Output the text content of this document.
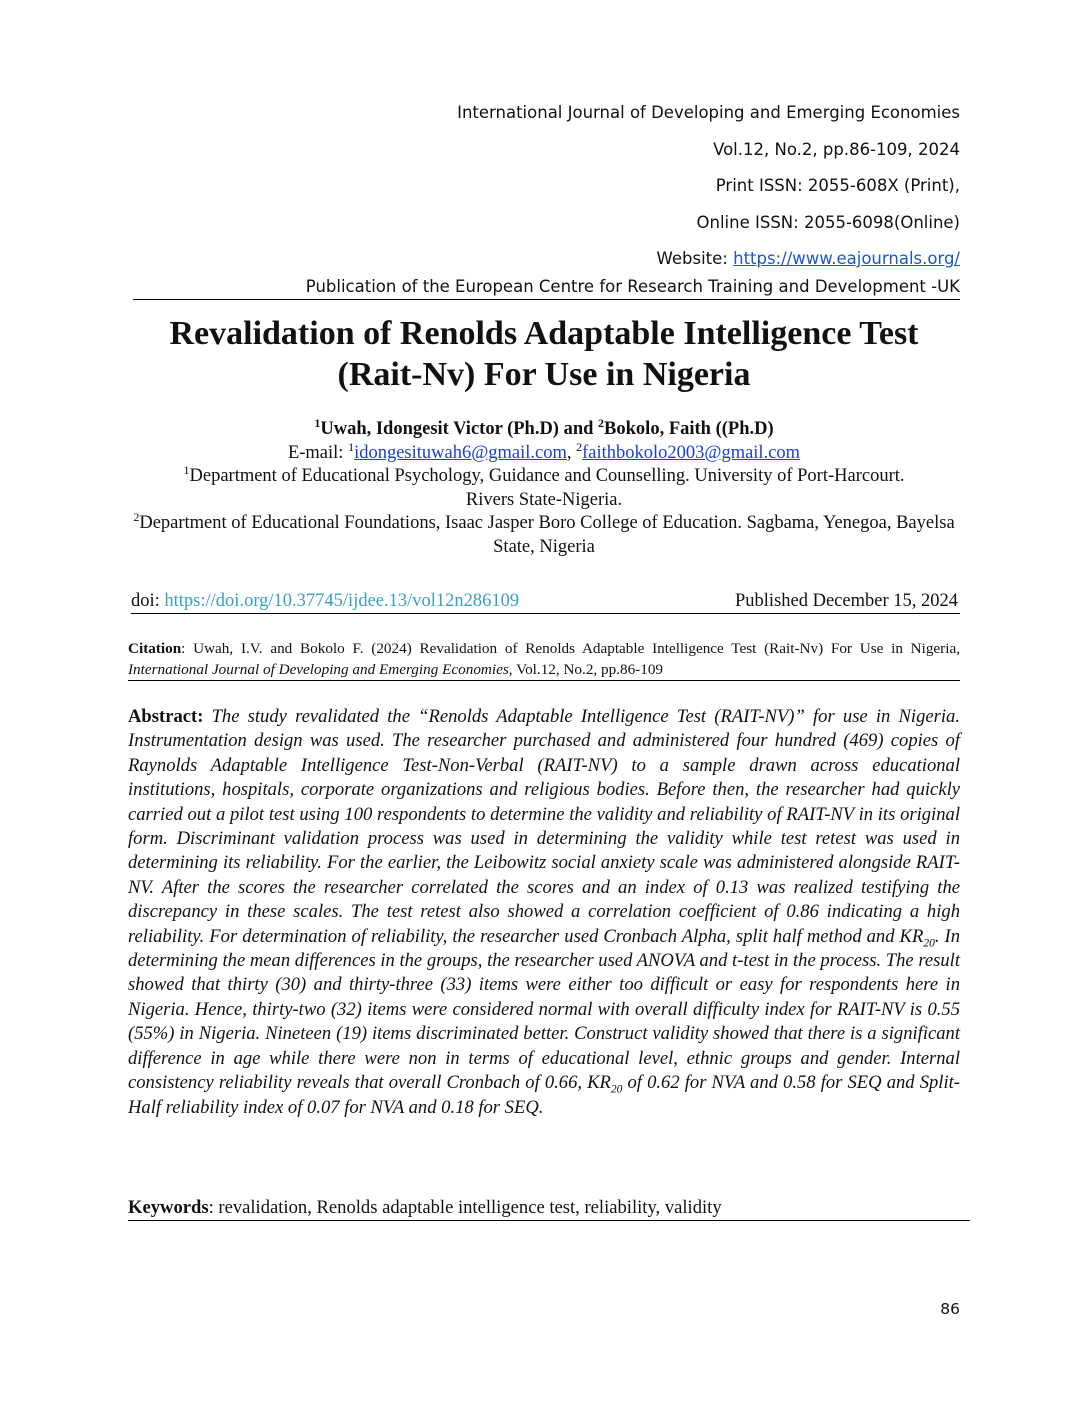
International Journal of Developing and Emerging Economies
Vol.12, No.2, pp.86-109, 2024
Print ISSN: 2055-608X (Print),
Online ISSN: 2055-6098(Online)
Website: https://www.eajournals.org/
Publication of the European Centre for Research Training and Development -UK
Revalidation of Renolds Adaptable Intelligence Test
(Rait-Nv) For Use in Nigeria
$^1$Uwah, Idongesit Victor (Ph.D) and $^2$Bokolo, Faith ((Ph.D)
E-mail: $^1$idongesituwah6@gmail.com, $^2$faithbokolo2003@gmail.com
$^1$Department of Educational Psychology, Guidance and Counselling. University of Port-Harcourt. Rivers State-Nigeria.
$^2$Department of Educational Foundations, Isaac Jasper Boro College of Education. Sagbama, Yenegoa, Bayelsa State, Nigeria
doi: https://doi.org/10.37745/ijdee.13/vol12n286109	Published December 15, 2024
Citation: Uwah, I.V. and Bokolo F. (2024) Revalidation of Renolds Adaptable Intelligence Test (Rait-Nv) For Use in Nigeria, International Journal of Developing and Emerging Economies, Vol.12, No.2, pp.86-109
Abstract: The study revalidated the “Renolds Adaptable Intelligence Test (RAIT-NV)” for use in Nigeria. Instrumentation design was used. The researcher purchased and administered four hundred (469) copies of Raynolds Adaptable Intelligence Test-Non-Verbal (RAIT-NV) to a sample drawn across educational institutions, hospitals, corporate organizations and religious bodies. Before then, the researcher had quickly carried out a pilot test using 100 respondents to determine the validity and reliability of RAIT-NV in its original form. Discriminant validation process was used in determining the validity while test retest was used in determining its reliability. For the earlier, the Leibowitz social anxiety scale was administered alongside RAIT-NV. After the scores the researcher correlated the scores and an index of 0.13 was realized testifying the discrepancy in these scales. The test retest also showed a correlation coefficient of 0.86 indicating a high reliability. For determination of reliability, the researcher used Cronbach Alpha, split half method and $KR_{20}$. In determining the mean differences in the groups, the researcher used ANOVA and t-test in the process. The result showed that thirty (30) and thirty-three (33) items were either too difficult or easy for respondents here in Nigeria. Hence, thirty-two (32) items were considered normal with overall difficulty index for RAIT-NV is 0.55 (55%) in Nigeria. Nineteen (19) items discriminated better. Construct validity showed that there is a significant difference in age while there were non in terms of educational level, ethnic groups and gender. Internal consistency reliability reveals that overall Cronbach of 0.66, $KR_{20}$ of 0.62 for NVA and 0.58 for SEQ and Split-Half reliability index of 0.07 for NVA and 0.18 for SEQ.
Keywords: revalidation, Renolds adaptable intelligence test, reliability, validity
86
